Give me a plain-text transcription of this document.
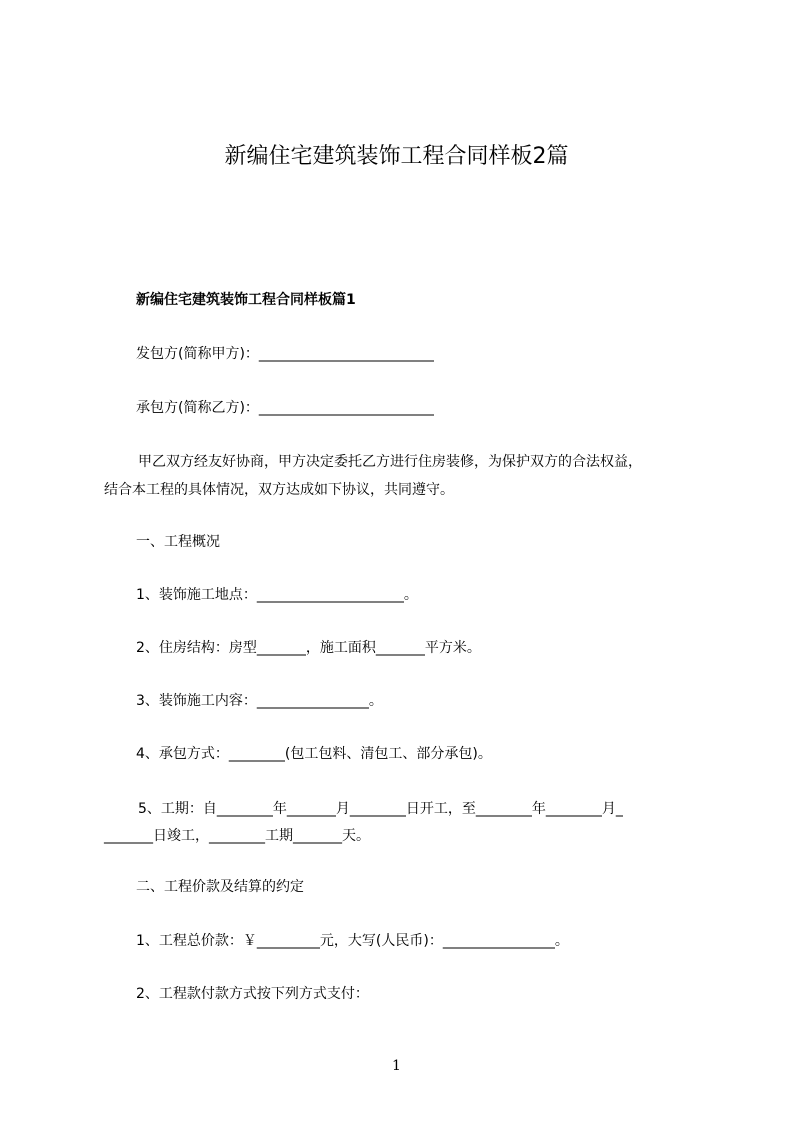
新编住宅建筑装饰工程合同样板2篇
新编住宅建筑装饰工程合同样板篇1
发包方(简称甲方)：_________________________
承包方(简称乙方)：_________________________
甲乙双方经友好协商，甲方决定委托乙方进行住房装修，为保护双方的合法权益，
结合本工程的具体情况，双方达成如下协议，共同遵守。
一、工程概况
1、装饰施工地点：_____________________。
2、住房结构：房型_______，施工面积_______平方米。
3、装饰施工内容：________________。
4、承包方式：________(包工包料、清包工、部分承包)。
5、工期：自________年_______月________日开工，至________年________月_
_______日竣工，________工期_______天。
二、工程价款及结算的约定
1、工程总价款：￥_________元，大写(人民币)：________________。
2、工程款付款方式按下列方式支付：
1
